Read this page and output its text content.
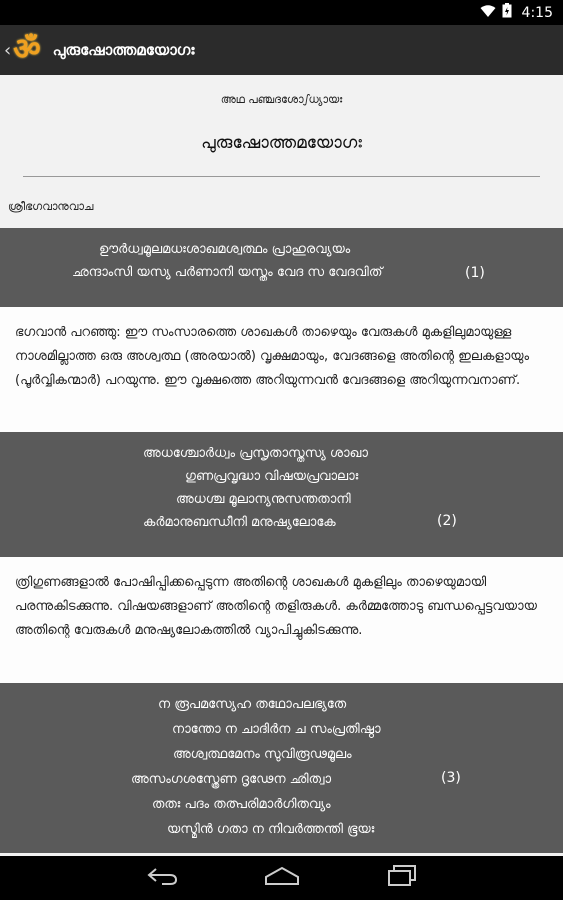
4:15
‹ ॐ പുരുഷോത്തമയോഗഃ
അഥ പഞ്ചദശോഽധ്യായഃ
പുരുഷോത്തമയോഗഃ
ശ്രീഭഗവാനുവാച
ഊർധ്വമൂലമധഃശാഖമശ്വത്ഥം പ്രാഹുരവ്യയം
ഛന്ദാംസി യസ്യ പർണാനി യസ്തം വേദ സ വേദവിത്	(1)
ഭഗവാൻ പറഞ്ഞു: ഈ സംസാരത്തെ ശാഖകൾ താഴെയും വേരുകൾ മുകളിലുമായുള്ള നാശമില്ലാത്ത ഒരു അശ്വത്ഥ (അരയാൽ) വൃക്ഷമായും, വേദങ്ങളെ അതിന്റെ ഇലകളായും (പൂർവ്വികന്മാർ) പറയുന്നു. ഈ വൃക്ഷത്തെ അറിയുന്നവൻ വേദങ്ങളെ അറിയുന്നവനാണ്.
അധശ്ചോർധ്വം പ്രസൃതാസ്തസ്യ ശാഖാ
ഗുണപ്രവൃദ്ധാ വിഷയപ്രവാലാഃ
അധശ്ച മൂലാന്യനുസന്തതാനി
കർമാനുബന്ധീനി മനുഷ്യലോകേ	(2)
ത്രിഗുണങ്ങളാൽ പോഷിപ്പിക്കപ്പെടുന്ന അതിന്റെ ശാഖകൾ മുകളിലും താഴെയുമായി പരന്നുകിടക്കുന്നു. വിഷയങ്ങളാണ് അതിന്റെ തളിരുകൾ. കർമ്മത്തോടു ബന്ധപ്പെട്ടവയായ അതിന്റെ വേരുകൾ മനുഷ്യലോകത്തിൽ വ്യാപിച്ചുകിടക്കുന്നു.
ന രൂപമസ്യേഹ തഥോപലഭ്യതേ
നാന്തോ ന ചാദിർന ച സംപ്രതിഷ്ഠാ
അശ്വത്ഥമേനം സുവിരൂഢമൂലം
അസംഗശസ്ത്രേണ ദൃഢേന ഛിത്വാ
തതഃ പദം തത്പരിമാർഗിതവ്യം
യസ്മിൻ ഗതാ ന നിവർത്തന്തി ഭൂയഃ
(3)
